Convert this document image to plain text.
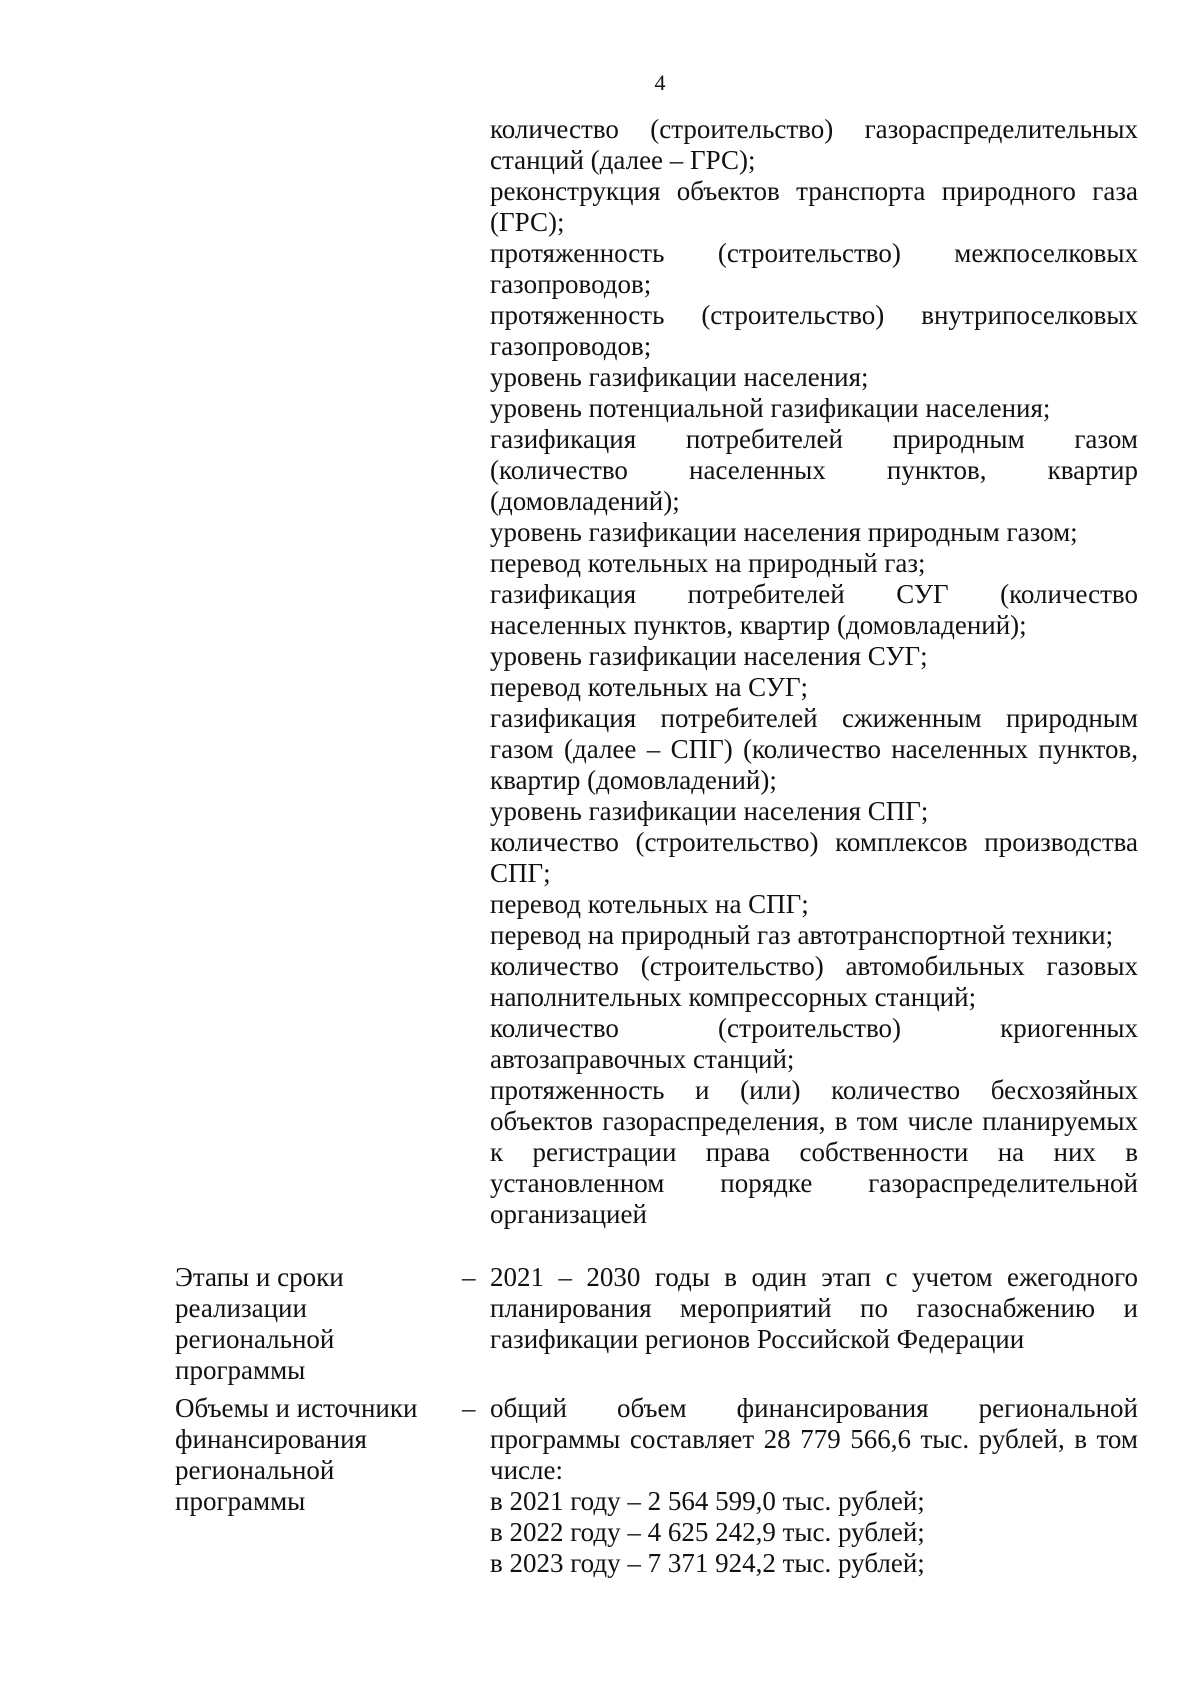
4

количество (строительство) газораспределительных станций (далее – ГРС);

реконструкция объектов транспорта природного газа (ГРС);

протяженность (строительство) межпоселковых газопроводов;

протяженность (строительство) внутрипоселковых газопроводов;

уровень газификации населения;

уровень потенциальной газификации населения;

газификация потребителей природным газом (количество населенных пунктов, квартир (домовладений);

уровень газификации населения природным газом;

перевод котельных на природный газ;

газификация потребителей СУГ (количество населенных пунктов, квартир (домовладений);

уровень газификации населения СУГ;

перевод котельных на СУГ;

газификация потребителей сжиженным природным газом (далее – СПГ) (количество населенных пунктов, квартир (домовладений);

уровень газификации населения СПГ;

количество (строительство) комплексов производства СПГ;

перевод котельных на СПГ;

перевод на природный газ автотранспортной техники;

количество (строительство) автомобильных газовых наполнительных компрессорных станций;

количество (строительство) криогенных автозаправочных станций;

протяженность и (или) количество бесхозяйных объектов газораспределения, в том числе планируемых к регистрации права собственности на них в установленном порядке газораспределительной организацией

Этапы и сроки реализации региональной программы
– 2021 – 2030 годы в один этап с учетом ежегодного планирования мероприятий по газоснабжению и газификации регионов Российской Федерации

Объемы и источники финансирования региональной программы
– общий объем финансирования региональной программы составляет 28 779 566,6 тыс. рублей, в том числе:

в 2021 году – 2 564 599,0 тыс. рублей;

в 2022 году – 4 625 242,9 тыс. рублей;

в 2023 году – 7 371 924,2 тыс. рублей;
